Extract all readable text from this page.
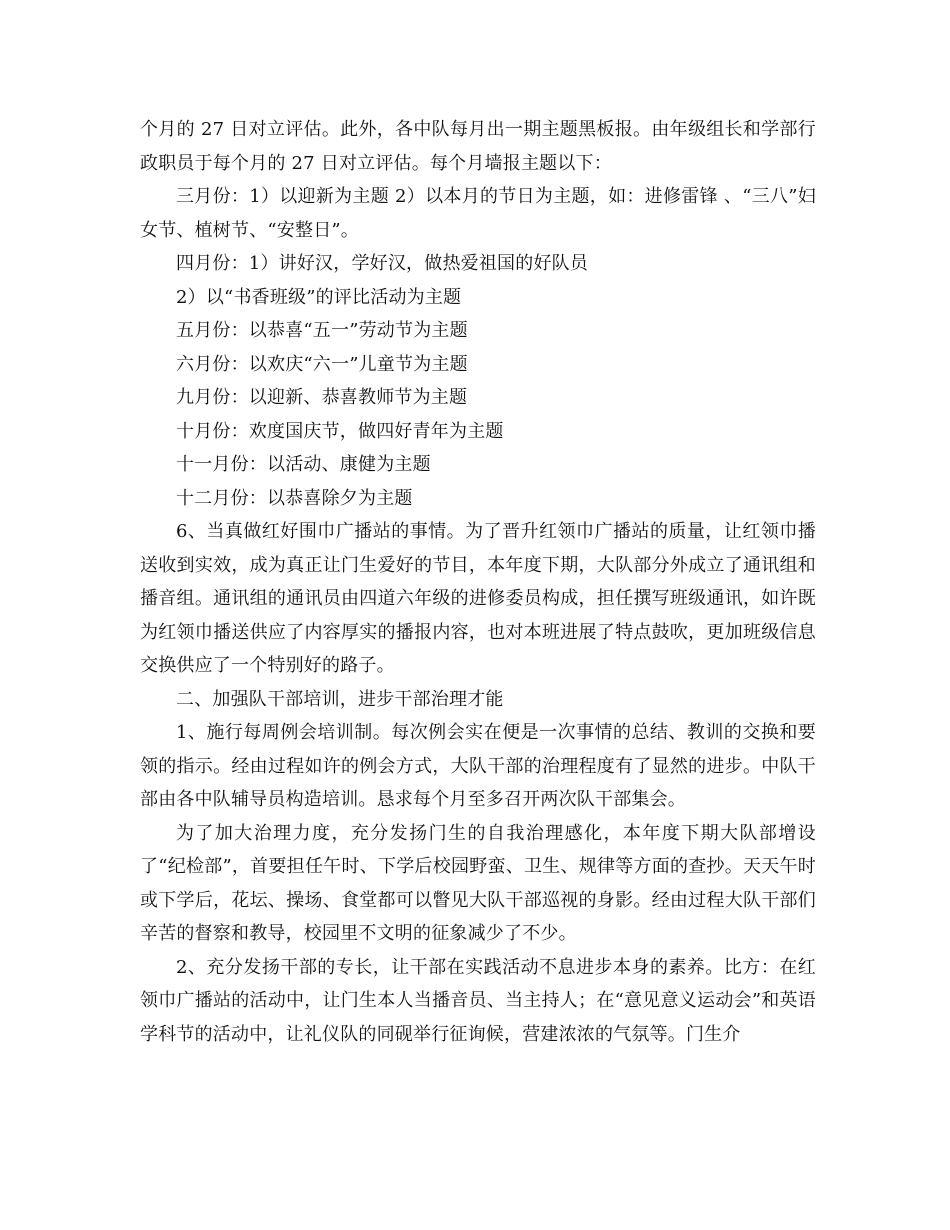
个月的 27 日对立评估。此外，各中队每月出一期主题黑板报。由年级组长和学部行政职员于每个月的 27 日对立评估。每个月墙报主题以下：

三月份：1）以迎新为主题 2）以本月的节日为主题，如：进修雷锋 、“三八”妇女节、植树节、“安整日”。

四月份：1）讲好汉，学好汉，做热爱祖国的好队员

2）以“书香班级”的评比活动为主题

五月份：以恭喜“五一”劳动节为主题

六月份：以欢庆“六一”儿童节为主题

九月份：以迎新、恭喜教师节为主题

十月份：欢度国庆节，做四好青年为主题

十一月份：以活动、康健为主题

十二月份：以恭喜除夕为主题

6、当真做红好围巾广播站的事情。为了晋升红领巾广播站的质量，让红领巾播送收到实效，成为真正让门生爱好的节目，本年度下期，大队部分外成立了通讯组和播音组。通讯组的通讯员由四道六年级的进修委员构成，担任撰写班级通讯，如许既为红领巾播送供应了内容厚实的播报内容，也对本班进展了特点鼓吹，更加班级信息交换供应了一个特别好的路子。

二、加强队干部培训，进步干部治理才能

1、施行每周例会培训制。每次例会实在便是一次事情的总结、教训的交换和要领的指示。经由过程如许的例会方式，大队干部的治理程度有了显然的进步。中队干部由各中队辅导员构造培训。恳求每个月至多召开两次队干部集会。

为了加大治理力度，充分发扬门生的自我治理感化，本年度下期大队部增设了“纪检部”，首要担任午时、下学后校园野蛮、卫生、规律等方面的查抄。天天午时或下学后，花坛、操场、食堂都可以瞥见大队干部巡视的身影。经由过程大队干部们辛苦的督察和教导，校园里不文明的征象减少了不少。

2、充分发扬干部的专长，让干部在实践活动不息进步本身的素养。比方：在红领巾广播站的活动中，让门生本人当播音员、当主持人；在“意见意义运动会”和英语学科节的活动中，让礼仪队的同砚举行征询候，营建浓浓的气氛等。门生介
